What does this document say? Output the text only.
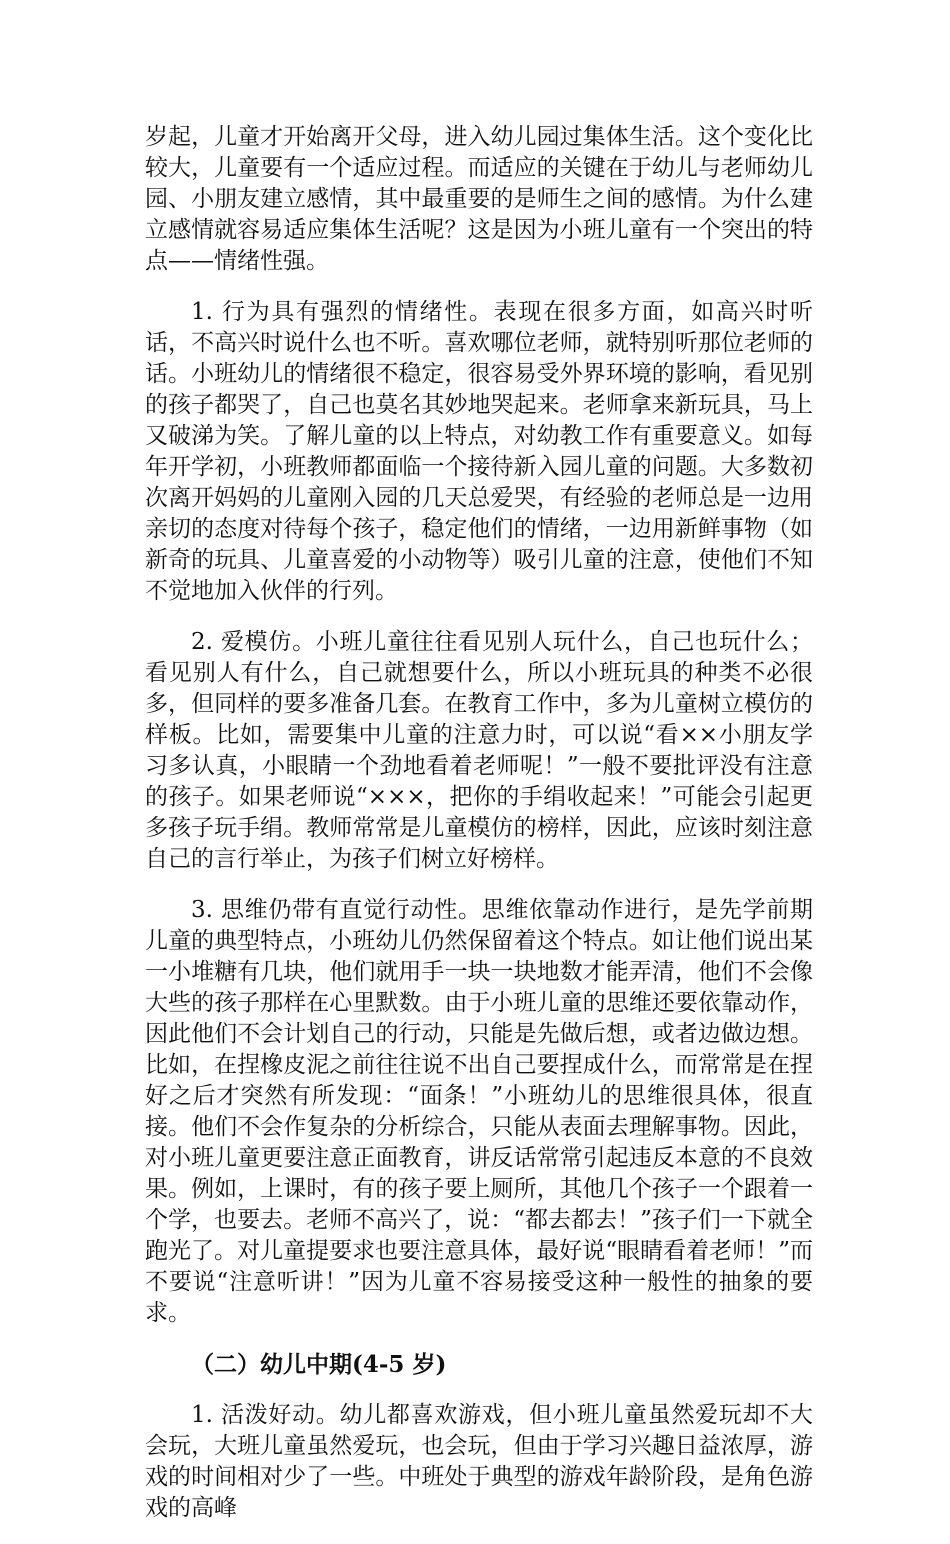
岁起，儿童才开始离开父母，进入幼儿园过集体生活。这个变化比较大，儿童要有一个适应过程。而适应的关键在于幼儿与老师幼儿园、小朋友建立感情，其中最重要的是师生之间的感情。为什么建立感情就容易适应集体生活呢？这是因为小班儿童有一个突出的特点——情绪性强。

1. 行为具有强烈的情绪性。表现在很多方面，如高兴时听话，不高兴时说什么也不听。喜欢哪位老师，就特别听那位老师的话。小班幼儿的情绪很不稳定，很容易受外界环境的影响，看见别的孩子都哭了，自己也莫名其妙地哭起来。老师拿来新玩具，马上又破涕为笑。了解儿童的以上特点，对幼教工作有重要意义。如每年开学初，小班教师都面临一个接待新入园儿童的问题。大多数初次离开妈妈的儿童刚入园的几天总爱哭，有经验的老师总是一边用亲切的态度对待每个孩子，稳定他们的情绪，一边用新鲜事物（如新奇的玩具、儿童喜爱的小动物等）吸引儿童的注意，使他们不知不觉地加入伙伴的行列。

2. 爱模仿。小班儿童往往看见别人玩什么，自己也玩什么；看见别人有什么，自己就想要什么，所以小班玩具的种类不必很多，但同样的要多准备几套。在教育工作中，多为儿童树立模仿的样板。比如，需要集中儿童的注意力时，可以说“看××小朋友学习多认真，小眼睛一个劲地看着老师呢！”一般不要批评没有注意的孩子。如果老师说“×××，把你的手绢收起来！”可能会引起更多孩子玩手绢。教师常常是儿童模仿的榜样，因此，应该时刻注意自己的言行举止，为孩子们树立好榜样。

3. 思维仍带有直觉行动性。思维依靠动作进行，是先学前期儿童的典型特点，小班幼儿仍然保留着这个特点。如让他们说出某一小堆糖有几块，他们就用手一块一块地数才能弄清，他们不会像大些的孩子那样在心里默数。由于小班儿童的思维还要依靠动作，因此他们不会计划自己的行动，只能是先做后想，或者边做边想。比如，在捏橡皮泥之前往往说不出自己要捏成什么，而常常是在捏好之后才突然有所发现：“面条！”小班幼儿的思维很具体，很直接。他们不会作复杂的分析综合，只能从表面去理解事物。因此，对小班儿童更要注意正面教育，讲反话常常引起违反本意的不良效果。例如，上课时，有的孩子要上厕所，其他几个孩子一个跟着一个学，也要去。老师不高兴了，说：“都去都去！”孩子们一下就全跑光了。对儿童提要求也要注意具体，最好说“眼睛看着老师！”而不要说“注意听讲！”因为儿童不容易接受这种一般性的抽象的要求。

（二）幼儿中期(4-5 岁)

1. 活泼好动。幼儿都喜欢游戏，但小班儿童虽然爱玩却不大会玩，大班儿童虽然爱玩，也会玩，但由于学习兴趣日益浓厚，游戏的时间相对少了一些。中班处于典型的游戏年龄阶段，是角色游戏的高峰
